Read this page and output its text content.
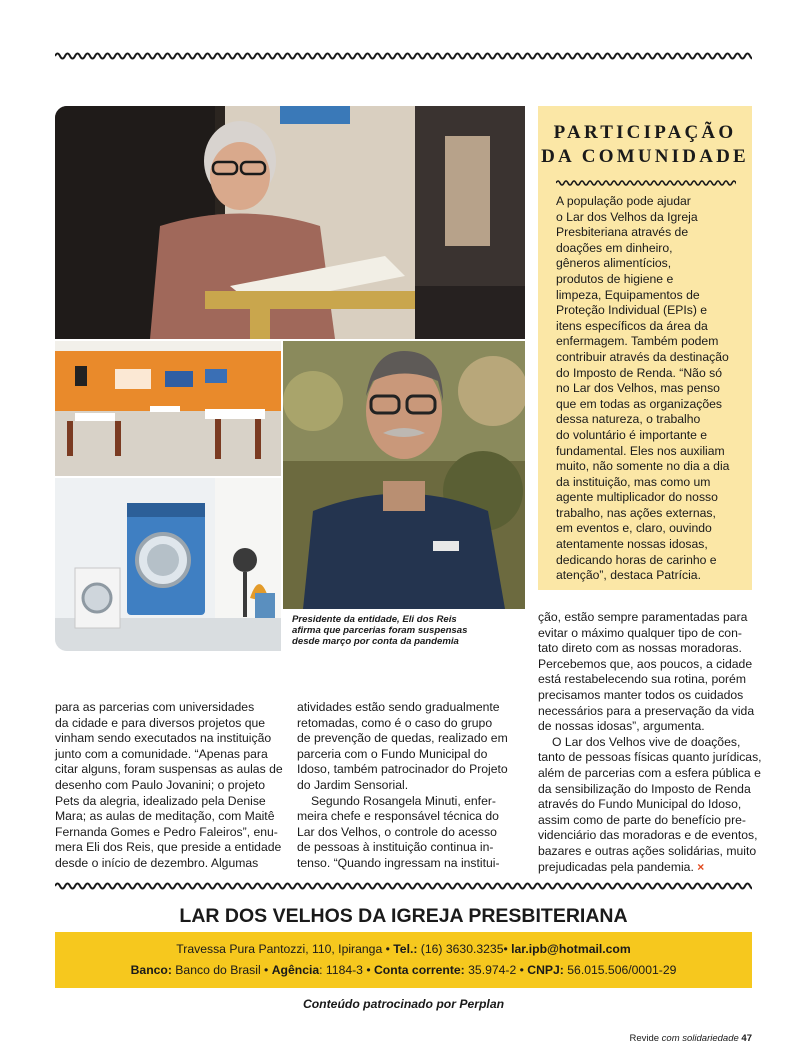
Presidente da entidade, Eli dos Reis
afirma que parcerias foram suspensas
desde março por conta da pandemia
PARTICIPAÇÃO
DA COMUNIDADE
A população pode ajudar
o Lar dos Velhos da Igreja
Presbiteriana através de
doações em dinheiro,
gêneros alimentícios,
produtos de higiene e
limpeza, Equipamentos de
Proteção Individual (EPIs) e
itens específicos da área da
enfermagem. Também podem
contribuir através da destinação
do Imposto de Renda. “Não só
no Lar dos Velhos, mas penso
que em todas as organizações
dessa natureza, o trabalho
do voluntário é importante e
fundamental. Eles nos auxiliam
muito, não somente no dia a dia
da instituição, mas como um
agente multiplicador do nosso
trabalho, nas ações externas,
em eventos e, claro, ouvindo
atentamente nossas idosas,
dedicando horas de carinho e
atenção”, destaca Patrícia.
para as parcerias com universidades
da cidade e para diversos projetos que
vinham sendo executados na instituição
junto com a comunidade. “Apenas para
citar alguns, foram suspensas as aulas de
desenho com Paulo Jovanini; o projeto
Pets da alegria, idealizado pela Denise
Mara; as aulas de meditação, com Maitê
Fernanda Gomes e Pedro Faleiros”, enu-
mera Eli dos Reis, que preside a entidade
desde o início de dezembro. Algumas
atividades estão sendo gradualmente
retomadas, como é o caso do grupo
de prevenção de quedas, realizado em
parceria com o Fundo Municipal do
Idoso, também patrocinador do Projeto
do Jardim Sensorial.
Segundo Rosangela Minuti, enfer-
meira chefe e responsável técnica do
Lar dos Velhos, o controle do acesso
de pessoas à instituição continua in-
tenso. “Quando ingressam na institui-
ção, estão sempre paramentadas para
evitar o máximo qualquer tipo de con-
tato direto com as nossas moradoras.
Percebemos que, aos poucos, a cidade
está restabelecendo sua rotina, porém
precisamos manter todos os cuidados
necessários para a preservação da vida
de nossas idosas”, argumenta.
O Lar dos Velhos vive de doações,
tanto de pessoas físicas quanto jurídicas,
além de parcerias com a esfera pública e
da sensibilização do Imposto de Renda
através do Fundo Municipal do Idoso,
assim como de parte do benefício pre-
videnciário das moradoras e de eventos,
bazares e outras ações solidárias, muito
prejudicadas pela pandemia. ×
LAR DOS VELHOS DA IGREJA PRESBITERIANA
Travessa Pura Pantozzi, 110, Ipiranga • Tel.: (16) 3630.3235• lar.ipb@hotmail.com
Banco: Banco do Brasil • Agência: 1184-3 • Conta corrente: 35.974-2 • CNPJ: 56.015.506/0001-29
Conteúdo patrocinado por Perplan
Revide com solidariedade 47
